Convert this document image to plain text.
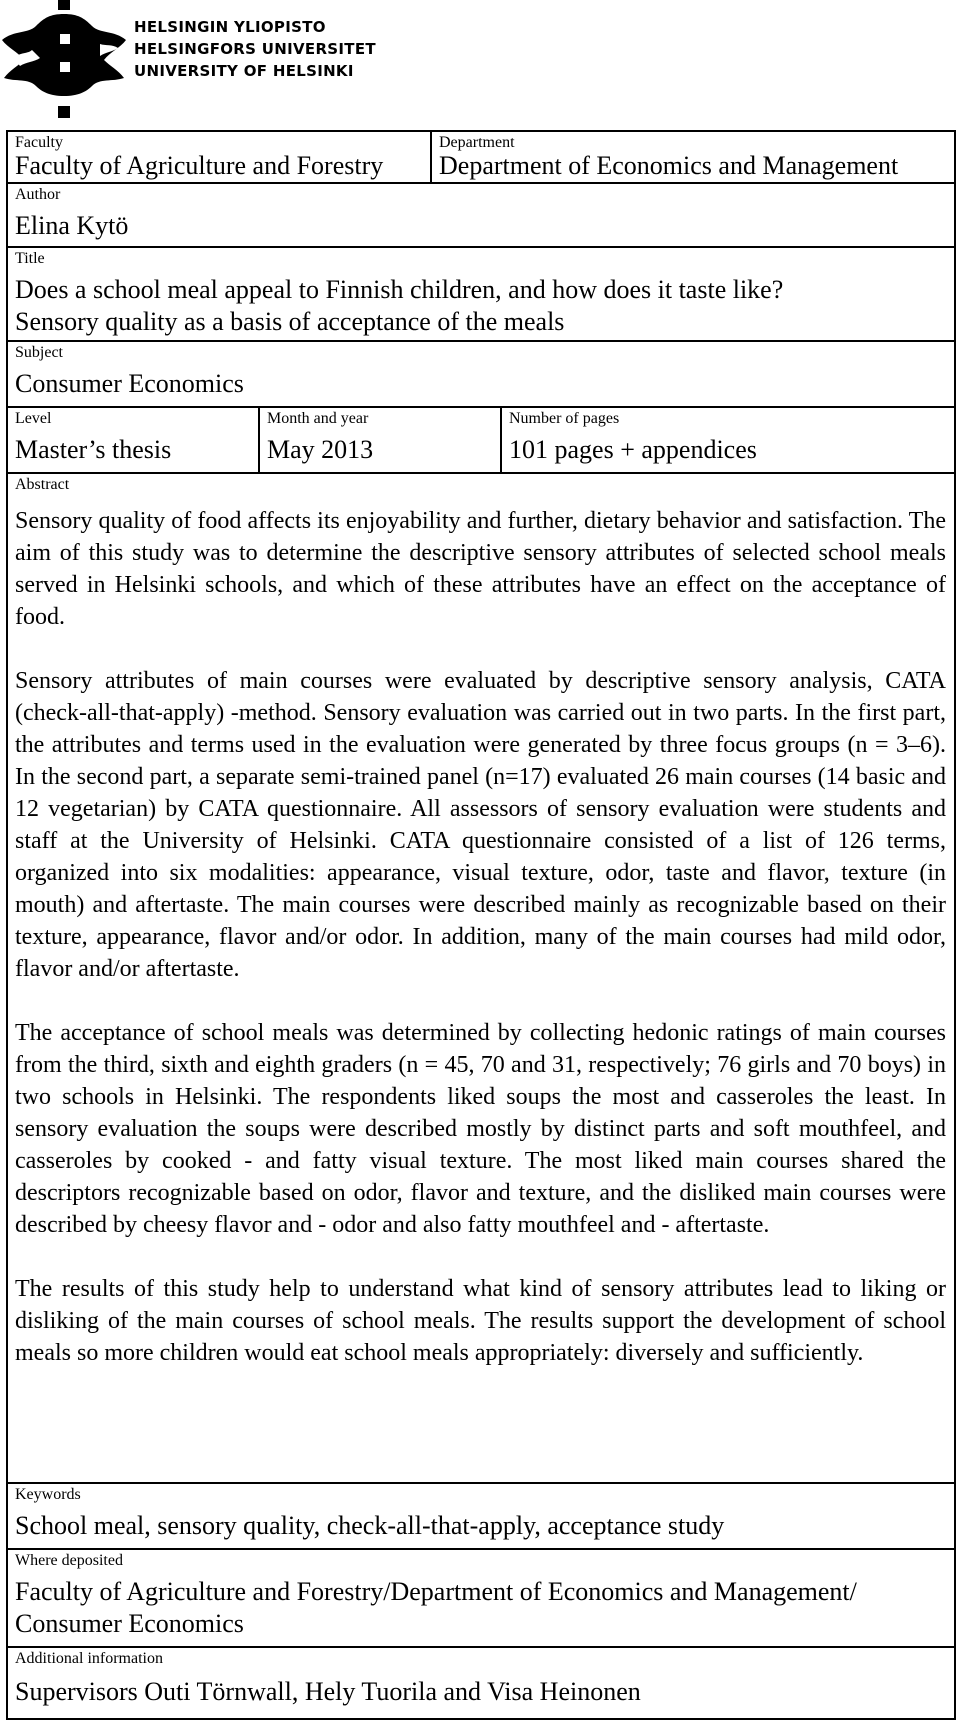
HELSINGIN YLIOPISTO
HELSINGFORS UNIVERSITET
UNIVERSITY OF HELSINKI
Faculty
Faculty of Agriculture and Forestry
Department
Department of Economics and Management
Author
Elina Kytö
Title
Does a school meal appeal to Finnish children, and how does it taste like?
Sensory quality as a basis of acceptance of the meals
Subject
Consumer Economics
Level
Master’s thesis
Month and year
May 2013
Number of pages
101 pages + appendices
Abstract

Sensory quality of food affects its enjoyability and further, dietary behavior and satisfaction. The aim of this study was to determine the descriptive sensory attributes of selected school meals served in Helsinki schools, and which of these attributes have an effect on the acceptance of food.

Sensory attributes of main courses were evaluated by descriptive sensory analysis, CATA (check-all-that-apply) -method. Sensory evaluation was carried out in two parts. In the first part, the attributes and terms used in the evaluation were generated by three focus groups (n = 3–6). In the second part, a separate semi-trained panel (n=17) evaluated 26 main courses (14 basic and 12 vegetarian) by CATA questionnaire. All assessors of sensory evaluation were students and staff at the University of Helsinki. CATA questionnaire consisted of a list of 126 terms, organized into six modalities: appearance, visual texture, odor, taste and flavor, texture (in mouth) and aftertaste. The main courses were described mainly as recognizable based on their texture, appearance, flavor and/or odor. In addition, many of the main courses had mild odor, flavor and/or aftertaste.

The acceptance of school meals was determined by collecting hedonic ratings of main courses from the third, sixth and eighth graders (n = 45, 70 and 31, respectively; 76 girls and 70 boys) in two schools in Helsinki. The respondents liked soups the most and casseroles the least. In sensory evaluation the soups were described mostly by distinct parts and soft mouthfeel, and casseroles by cooked - and fatty visual texture. The most liked main courses shared the descriptors recognizable based on odor, flavor and texture, and the disliked main courses were described by cheesy flavor and - odor and also fatty mouthfeel and - aftertaste.

The results of this study help to understand what kind of sensory attributes lead to liking or disliking of the main courses of school meals. The results support the development of school meals so more children would eat school meals appropriately: diversely and sufficiently.

Keywords
School meal, sensory quality, check-all-that-apply, acceptance study
Where deposited
Faculty of Agriculture and Forestry/Department of Economics and Management/
Consumer Economics
Additional information
Supervisors Outi Törnwall, Hely Tuorila and Visa Heinonen
